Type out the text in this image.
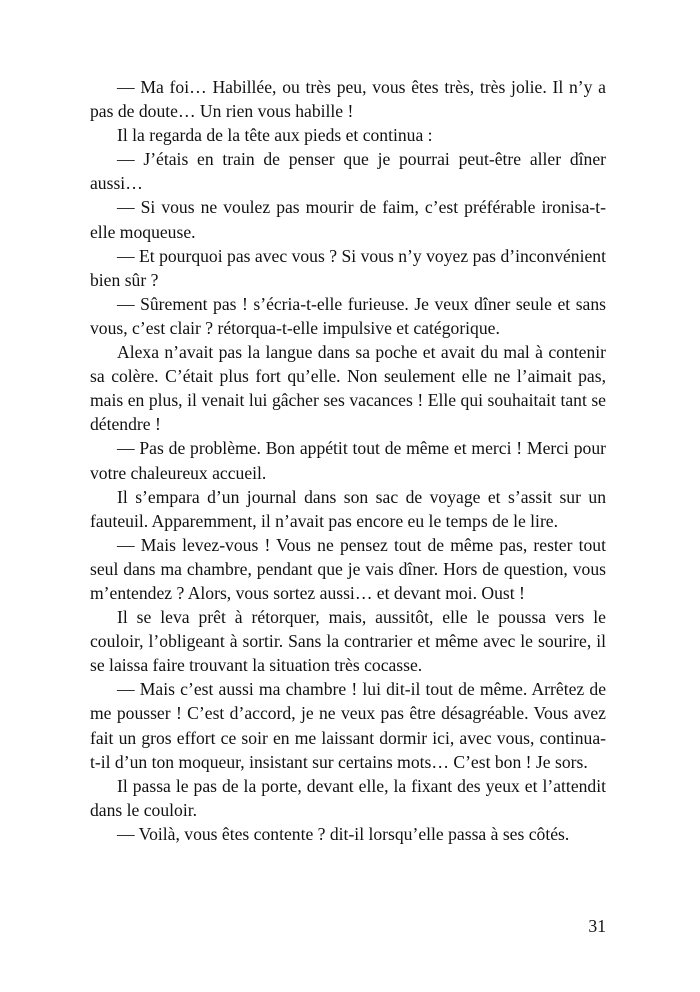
— Ma foi… Habillée, ou très peu, vous êtes très, très jolie. Il n’y a pas de doute… Un rien vous habille !

Il la regarda de la tête aux pieds et continua :

— J’étais en train de penser que je pourrai peut-être aller dîner aussi…

— Si vous ne voulez pas mourir de faim, c’est préférable ironisa-t-elle moqueuse.

— Et pourquoi pas avec vous ? Si vous n’y voyez pas d’inconvénient bien sûr ?

— Sûrement pas ! s’écria-t-elle furieuse. Je veux dîner seule et sans vous, c’est clair ? rétorqua-t-elle impulsive et catégorique.

Alexa n’avait pas la langue dans sa poche et avait du mal à contenir sa colère. C’était plus fort qu’elle. Non seulement elle ne l’aimait pas, mais en plus, il venait lui gâcher ses vacances ! Elle qui souhaitait tant se détendre !

— Pas de problème. Bon appétit tout de même et merci ! Merci pour votre chaleureux accueil.

Il s’empara d’un journal dans son sac de voyage et s’assit sur un fauteuil. Apparemment, il n’avait pas encore eu le temps de le lire.

— Mais levez-vous ! Vous ne pensez tout de même pas, rester tout seul dans ma chambre, pendant que je vais dîner. Hors de question, vous m’entendez ? Alors, vous sortez aussi… et devant moi. Oust !

Il se leva prêt à rétorquer, mais, aussitôt, elle le poussa vers le couloir, l’obligeant à sortir. Sans la contrarier et même avec le sourire, il se laissa faire trouvant la situation très cocasse.

— Mais c’est aussi ma chambre ! lui dit-il tout de même. Arrêtez de me pousser ! C’est d’accord, je ne veux pas être désagréable. Vous avez fait un gros effort ce soir en me laissant dormir ici, avec vous, continua-t-il d’un ton moqueur, insistant sur certains mots… C’est bon ! Je sors.

Il passa le pas de la porte, devant elle, la fixant des yeux et l’attendit dans le couloir.

— Voilà, vous êtes contente ? dit-il lorsqu’elle passa à ses côtés.

31
